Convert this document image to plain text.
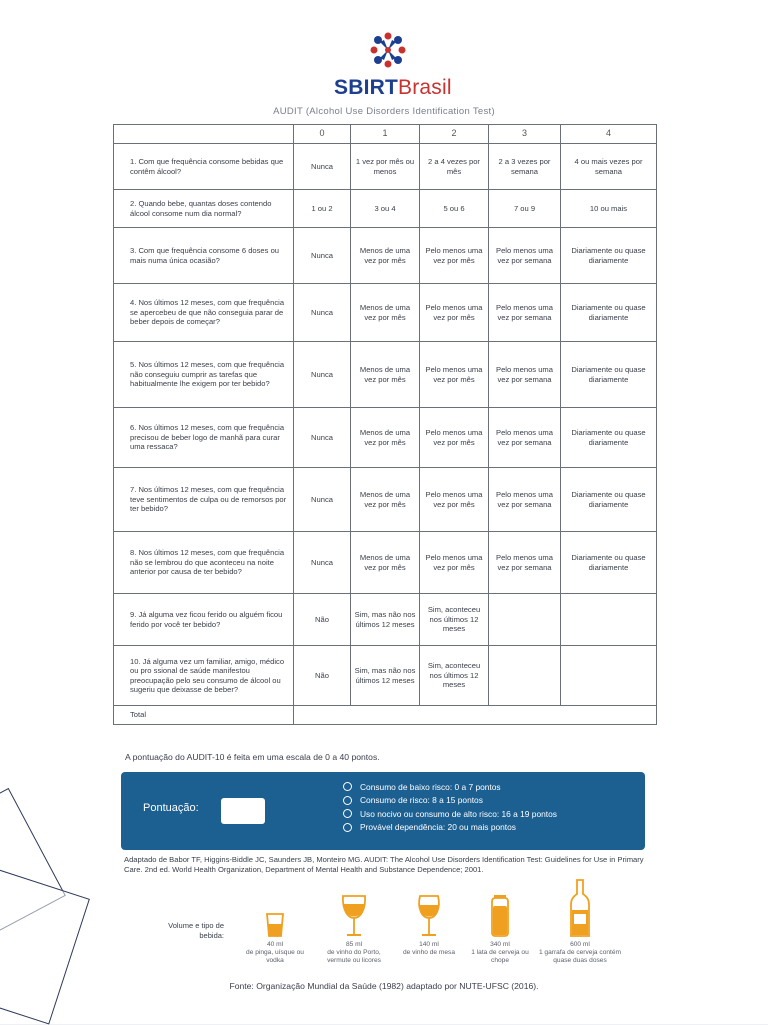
SBIRTBrasil
AUDIT (Alcohol Use Disorders Identification Test)
	0	1	2	3	4
1. Com que frequência consome bebidas que contêm álcool?	Nunca	1 vez por mês ou menos	2 a 4 vezes por mês	2 a 3 vezes por semana	4 ou mais vezes por semana
2. Quando bebe, quantas doses contendo álcool consome num dia normal?	1 ou 2	3 ou 4	5 ou 6	7 ou 9	10 ou mais
3. Com que frequência consome 6 doses ou mais numa única ocasião?	Nunca	Menos de uma vez por mês	Pelo menos uma vez por mês	Pelo menos uma vez por semana	Diariamente ou quase diariamente
4. Nos últimos 12 meses, com que frequência se apercebeu de que não conseguia parar de beber depois de começar?	Nunca	Menos de uma vez por mês	Pelo menos uma vez por mês	Pelo menos uma vez por semana	Diariamente ou quase diariamente
5. Nos últimos 12 meses, com que frequência não conseguiu cumprir as tarefas que habitualmente lhe exigem por ter bebido?	Nunca	Menos de uma vez por mês	Pelo menos uma vez por mês	Pelo menos uma vez por semana	Diariamente ou quase diariamente
6. Nos últimos 12 meses, com que frequência precisou de beber logo de manhã para curar uma ressaca?	Nunca	Menos de uma vez por mês	Pelo menos uma vez por mês	Pelo menos uma vez por semana	Diariamente ou quase diariamente
7. Nos últimos 12 meses, com que frequência teve sentimentos de culpa ou de remorsos por ter bebido?	Nunca	Menos de uma vez por mês	Pelo menos uma vez por mês	Pelo menos uma vez por semana	Diariamente ou quase diariamente
8. Nos últimos 12 meses, com que frequência não se lembrou do que aconteceu na noite anterior por causa de ter bebido?	Nunca	Menos de uma vez por mês	Pelo menos uma vez por mês	Pelo menos uma vez por semana	Diariamente ou quase diariamente
9. Já alguma vez ficou ferido ou alguém ficou ferido por você ter bebido?	Não	Sim, mas não nos últimos 12 meses	Sim, aconteceu nos últimos 12 meses		
10. Já alguma vez um familiar, amigo, médico ou pro ssional de saúde manifestou preocupação pelo seu consumo de álcool ou sugeriu que deixasse de beber?	Não	Sim, mas não nos últimos 12 meses	Sim, aconteceu nos últimos 12 meses		
Total					
A pontuação do AUDIT-10 é feita em uma escala de 0 a 40 pontos.
Pontuação:
Consumo de baixo risco: 0 a 7 pontos
Consumo de risco: 8 a 15 pontos
Uso nocivo ou consumo de alto risco: 16 a 19 pontos
Provável dependência: 20 ou mais pontos
Adaptado de Babor TF, Higgins-Biddle JC, Saunders JB, Monteiro MG. AUDIT: The Alcohol Use Disorders Identification Test: Guidelines for Use in Primary Care. 2nd ed. World Health Organization, Department of Mental Health and Substance Dependence; 2001.
Volume e tipo de bebida:
40 ml
de pinga, uísque ou vodka
85 ml
de vinho do Porto, vermute ou licores
140 ml
de vinho de mesa
340 ml
1 lata de cerveja ou chope
600 ml
1 garrafa de cerveja contém quase duas doses
Fonte: Organização Mundial da Saúde (1982) adaptado por NUTE-UFSC (2016).
